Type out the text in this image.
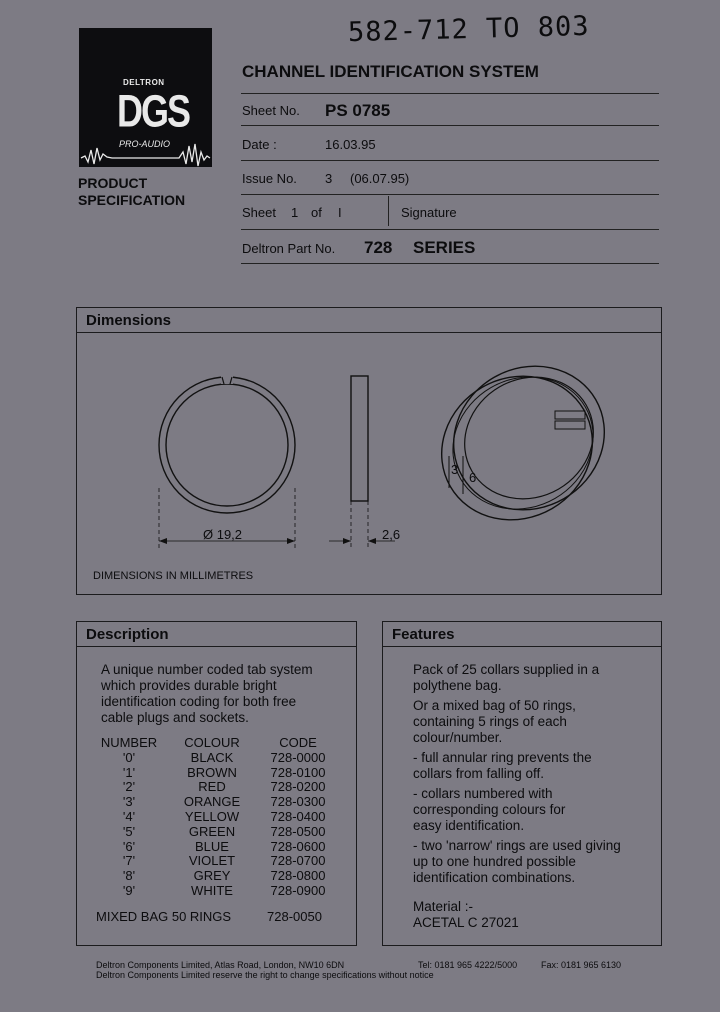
582-712 TO 803
DELTRON
DGS
PRO-AUDIO
PRODUCT
SPECIFICATION
CHANNEL IDENTIFICATION SYSTEM
Sheet No. PS 0785
Date :	16.03.95
Issue No. 3 (06.07.95)
Sheet 1 of I	Signature
Deltron Part No. 728 SERIES
Dimensions
Ø 19,2	2,6
3
6
DIMENSIONS IN MILLIMETRES
Description
A unique number coded tab system
which provides durable bright
identification coding for both free
cable plugs and sockets.
NUMBER	COLOUR	CODE
'0'	BLACK	728-0000
'1'	BROWN	728-0100
'2'	RED	728-0200
'3'	ORANGE	728-0300
'4'	YELLOW	728-0400
'5'	GREEN	728-0500
'6'	BLUE	728-0600
'7'	VIOLET	728-0700
'8'	GREY	728-0800
'9'	WHITE	728-0900
MIXED BAG 50 RINGS	728-0050
Features

Pack of 25 collars supplied in a
polythene bag.

Or a mixed bag of 50 rings,
containing 5 rings of each
colour/number.

- full annular ring prevents the
collars from falling off.

- collars numbered with
corresponding colours for
easy identification.

- two 'narrow' rings are used giving
up to one hundred possible
identification combinations.

Material :-
ACETAL C 27021
Deltron Components Limited, Atlas Road, London, NW10 6DN	Tel: 0181 965 4222/5000	Fax: 0181 965 6130
Deltron Components Limited reserve the right to change specifications without notice
